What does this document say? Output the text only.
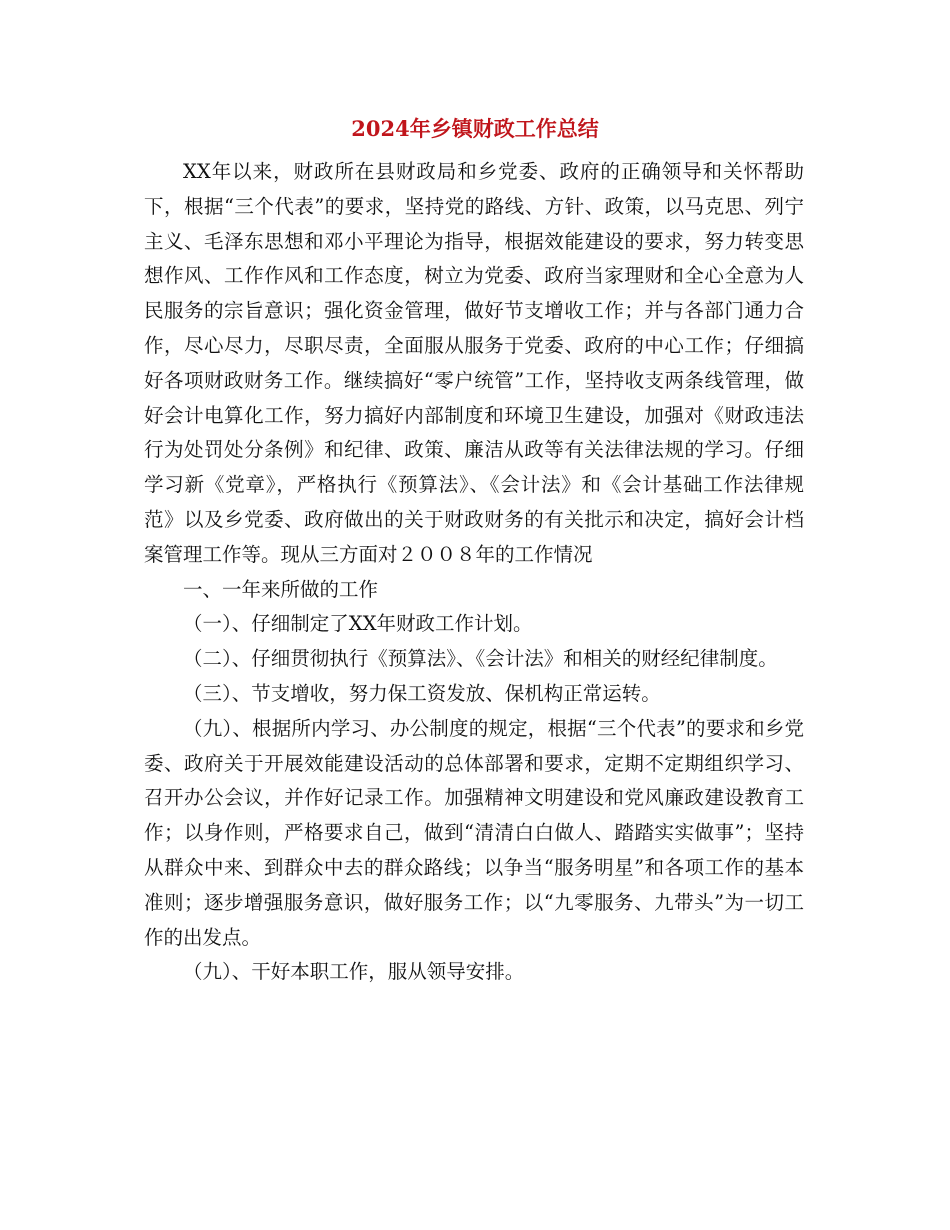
2024年乡镇财政工作总结

XX年以来，财政所在县财政局和乡党委、政府的正确领导和关怀帮助下，根据“三个代表”的要求，坚持党的路线、方针、政策，以马克思、列宁主义、毛泽东思想和邓小平理论为指导，根据效能建设的要求，努力转变思想作风、工作作风和工作态度，树立为党委、政府当家理财和全心全意为人民服务的宗旨意识；强化资金管理，做好节支增收工作；并与各部门通力合作，尽心尽力，尽职尽责，全面服从服务于党委、政府的中心工作；仔细搞好各项财政财务工作。继续搞好“零户统管”工作，坚持收支两条线管理，做好会计电算化工作，努力搞好内部制度和环境卫生建设，加强对《财政违法行为处罚处分条例》和纪律、政策、廉洁从政等有关法律法规的学习。仔细学习新《党章》，严格执行《预算法》、《会计法》和《会计基础工作法律规范》以及乡党委、政府做出的关于财政财务的有关批示和决定，搞好会计档案管理工作等。现从三方面对２００８年的工作情况

一、一年来所做的工作

（一）、仔细制定了XX年财政工作计划。

（二）、仔细贯彻执行《预算法》、《会计法》和相关的财经纪律制度。

（三）、节支增收，努力保工资发放、保机构正常运转。

（九）、根据所内学习、办公制度的规定，根据“三个代表”的要求和乡党委、政府关于开展效能建设活动的总体部署和要求，定期不定期组织学习、召开办公会议，并作好记录工作。加强精神文明建设和党风廉政建设教育工作；以身作则，严格要求自己，做到“清清白白做人、踏踏实实做事”；坚持从群众中来、到群众中去的群众路线；以争当“服务明星”和各项工作的基本准则；逐步增强服务意识，做好服务工作；以“九零服务、九带头”为一切工作的出发点。

（九）、干好本职工作，服从领导安排。
